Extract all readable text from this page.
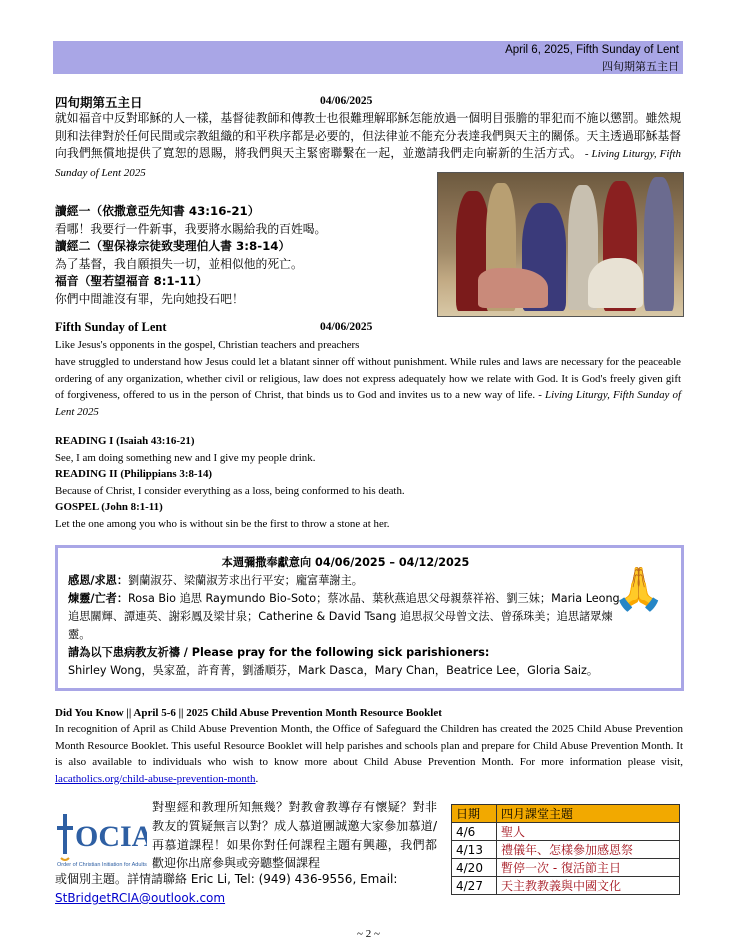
April 6, 2025, Fifth Sunday of Lent
四旬期第五主日
四旬期第五主日	04/06/2025
就如福音中反對耶穌的人一樣，基督徒教師和傳教士也很難理解耶穌怎能放過一個明目張膽的罪犯而不施以懲罰。雖然規則和法律對於任何民間或宗教組織的和平秩序都是必要的，但法律並不能充分表達我們與天主的關係。天主透過耶穌基督向我們無償地提供了寬恕的恩賜，將我們與天主緊密聯繫在一起，並邀請我們走向嶄新的生活方式。 - Living Liturgy, Fifth Sunday of Lent 2025
讀經一（依撒意亞先知書 43:16-21）
看哪！我要行一件新事，我要將水賜給我的百姓喝。
讀經二（聖保祿宗徒致斐理伯人書 3:8-14）
為了基督，我自願損失一切，並相似他的死亡。
福音（聖若望福音 8:1-11）
你們中間誰沒有罪，先向她投石吧！
Fifth Sunday of Lent	04/06/2025
Like Jesus's opponents in the gospel, Christian teachers and preachers
have struggled to understand how Jesus could let a blatant sinner off without punishment. While rules and laws are necessary for the peaceable ordering of any organization, whether civil or religious, law does not express adequately how we relate with God. It is God's freely given gift of forgiveness, offered to us in the person of Christ, that binds us to God and invites us to a new way of life. - Living Liturgy, Fifth Sunday of Lent 2025
READING I (Isaiah 43:16-21)
See, I am doing something new and I give my people drink.
READING II (Philippians 3:8-14)
Because of Christ, I consider everything as a loss, being conformed to his death.
GOSPEL (John 8:1-11)
Let the one among you who is without sin be the first to throw a stone at her.
本週彌撒奉獻意向 04/06/2025 – 04/12/2025
感恩/求恩：劉蘭淑芬、梁蘭淑芳求出行平安；龐富華謝主。
煉靈/亡者：Rosa Bio 追思 Raymundo Bio-Soto；蔡冰晶、葉秋燕追思父母親蔡祥裕、劉三妹；Maria Leong 追思關輝、譚連英、謝彩鳳及梁甘泉；Catherine & David Tsang 追思叔父母曾文法、曾孫珠美；追思諸眾煉靈。
請為以下患病教友祈禱 / Please pray for the following sick parishioners:
Shirley Wong，吳家盈，許育菁，劉潘順芬，Mark Dasca，Mary Chan，Beatrice Lee，Gloria Saiz。
🙏
Did You Know || April 5-6 || 2025 Child Abuse Prevention Month Resource Booklet
In recognition of April as Child Abuse Prevention Month, the Office of Safeguard the Children has created the 2025 Child Abuse Prevention Month Resource Booklet. This useful Resource Booklet will help parishes and schools plan and prepare for Child Abuse Prevention Month. It is also available to individuals who wish to know more about Child Abuse Prevention Month. For more information please visit, lacatholics.org/child-abuse-prevention-month.
OCIA
Order of Christian Initiation for Adults
對聖經和教理所知無幾？對教會教導存有懷疑？對非教友的質疑無言以對？成人慕道團誠邀大家參加慕道/再慕道課程！如果你對任何課程主題有興趣，我們都歡迎你出席參與或旁聽整個課程
或個別主題。詳情請聯絡 Eric Li, Tel: (949) 436-9556, Email:
StBridgetRCIA@outlook.com
日期	四月課堂主題
4/6	聖人
4/13	禮儀年、怎樣參加感恩祭
4/20	暫停一次 - 復活節主日
4/27	天主教教義與中國文化
~ 2 ~
